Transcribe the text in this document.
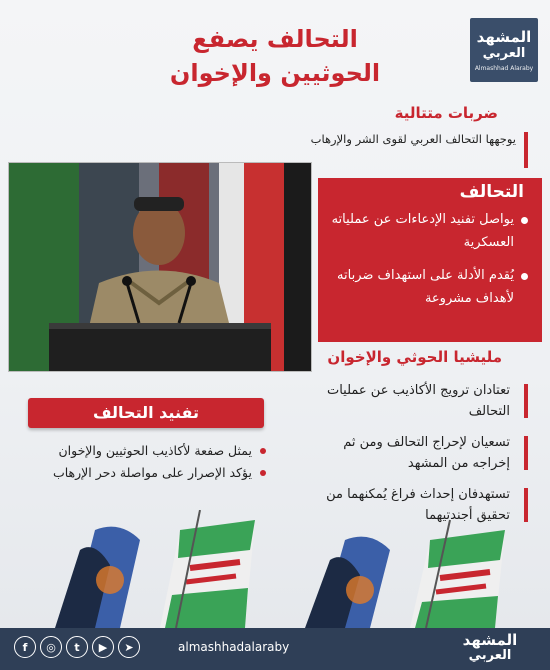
المشهد
العربي
Almashhad Alaraby
التحالف يصفع
الحوثيين والإخوان
ضربات متتالية
يوجهها التحالف العربي لقوى الشر والإرهاب
التحالف
يواصل تفنيد الإدعاءات عن عملياته العسكرية
يُقدم الأدلة على استهداف ضرباته لأهداف مشروعة
مليشيا الحوثي والإخوان
تعتادان ترويج الأكاذيب عن عمليات التحالف
تسعيان لإحراج التحالف ومن ثم إخراجه من المشهد
تستهدفان إحداث فراغ يُمكنهما من تحقيق أجندتيهما
تفنيد التحالف
يمثل صفعة لأكاذيب الحوثيين والإخوان
يؤكد الإصرار على مواصلة دحر الإرهاب
f	◎	t	▶	➤	almashhadalaraby	المشهد
العربي
